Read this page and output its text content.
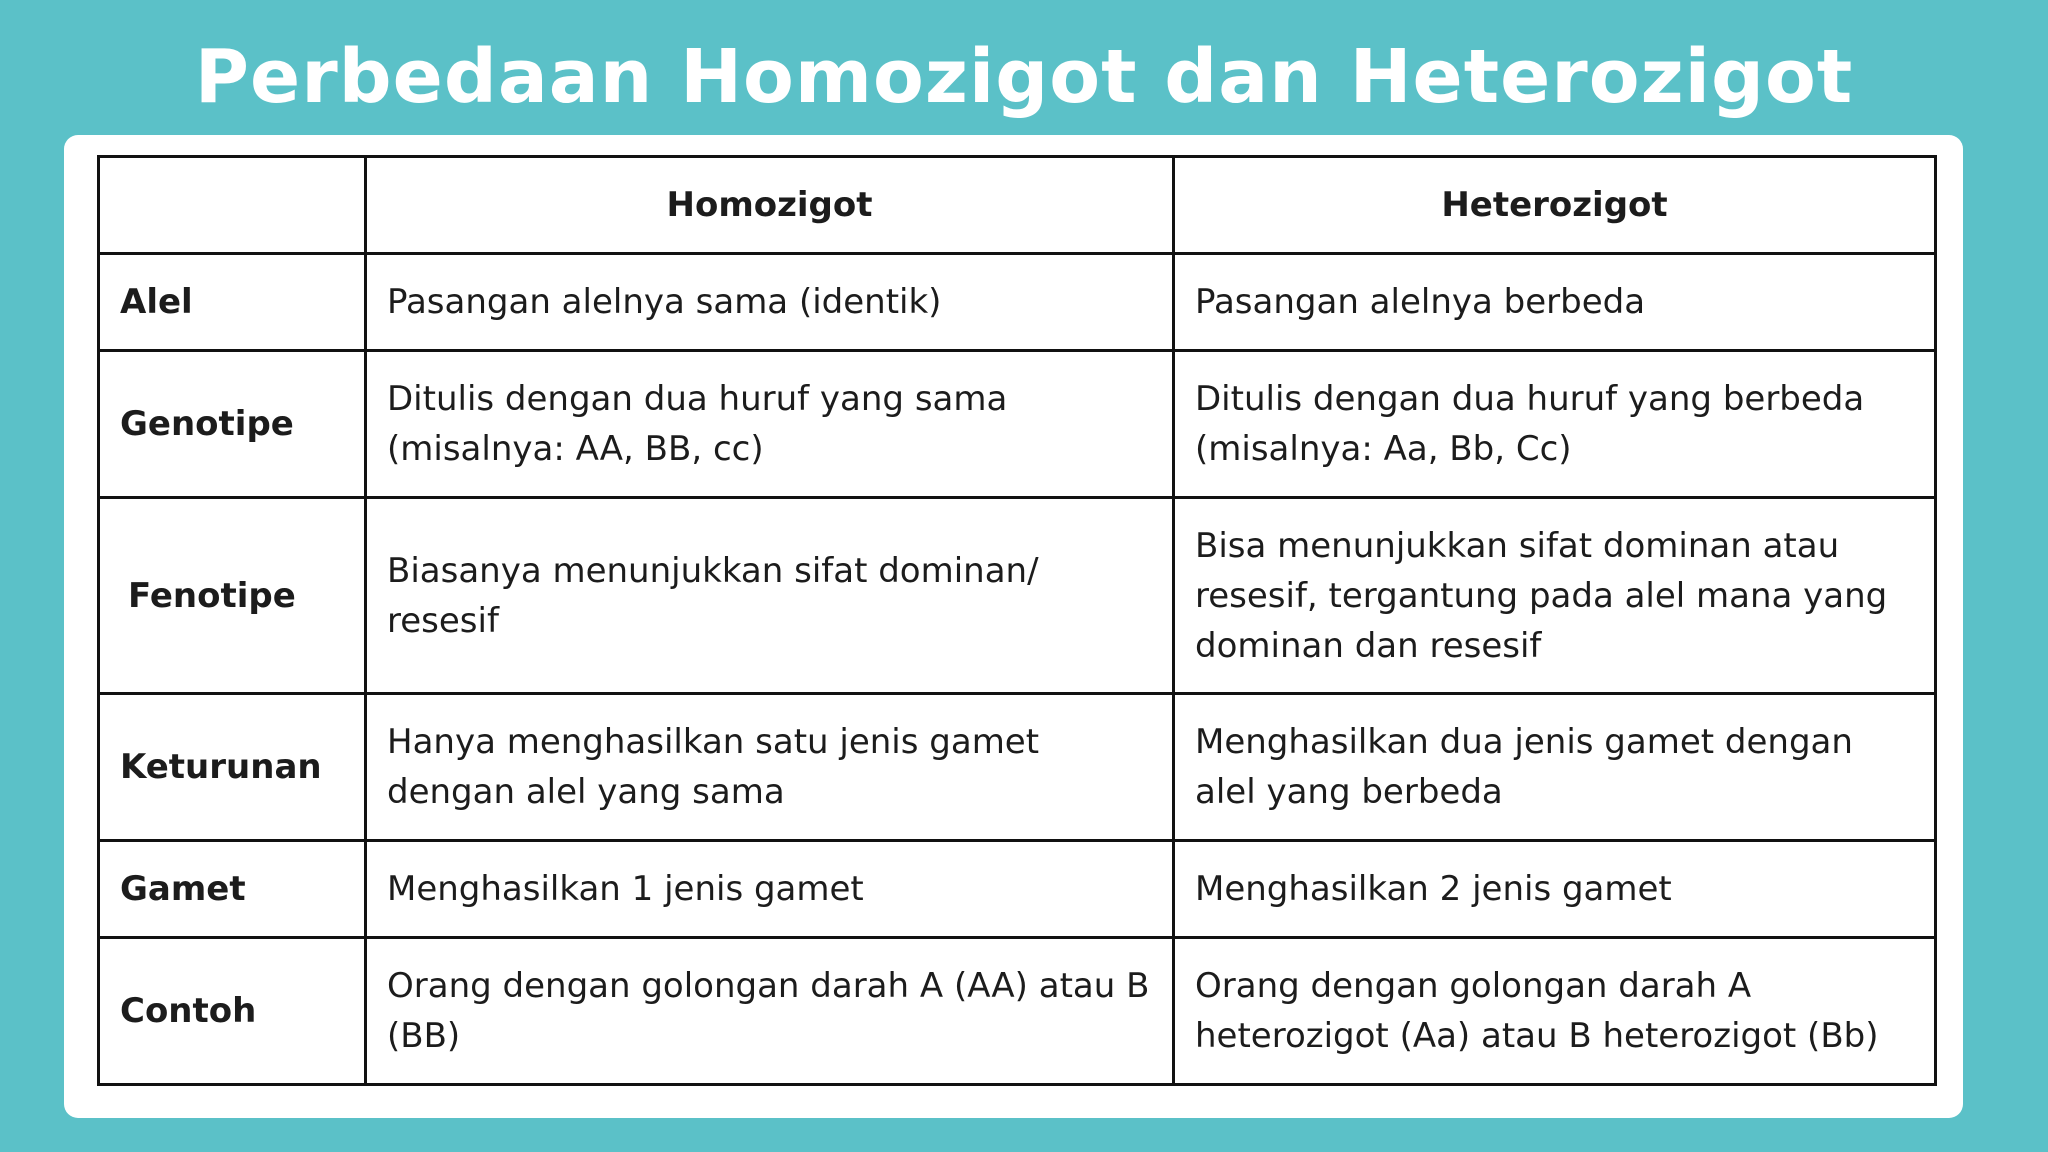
Perbedaan Homozigot dan Heterozigot
	Homozigot	Heterozigot
Alel	Pasangan alelnya sama (identik)	Pasangan alelnya berbeda
Genotipe	Ditulis dengan dua huruf yang sama (misalnya: AA, BB, cc)	Ditulis dengan dua huruf yang berbeda (misalnya: Aa, Bb, Cc)
Fenotipe	Biasanya menunjukkan sifat dominan/ resesif	Bisa menunjukkan sifat dominan atau resesif, tergantung pada alel mana yang dominan dan resesif
Keturunan	Hanya menghasilkan satu jenis gamet dengan alel yang sama	Menghasilkan dua jenis gamet dengan alel yang berbeda
Gamet	Menghasilkan 1 jenis gamet	Menghasilkan 2 jenis gamet
Contoh	Orang dengan golongan darah A (AA) atau B (BB)	Orang dengan golongan darah A heterozigot (Aa) atau B heterozigot (Bb)
